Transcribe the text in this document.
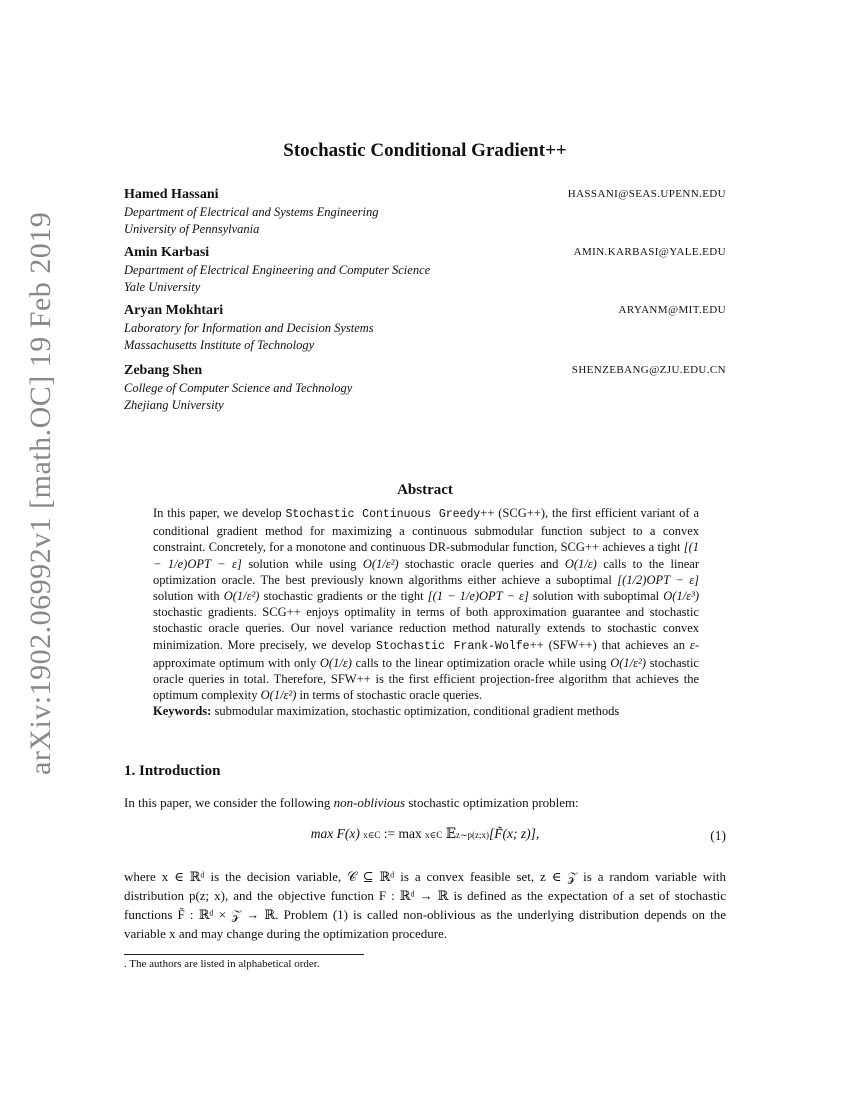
arXiv:1902.06992v1 [math.OC] 19 Feb 2019
Stochastic Conditional Gradient++
Hamed Hassani	HASSANI@SEAS.UPENN.EDU
Department of Electrical and Systems Engineering
University of Pennsylvania
Amin Karbasi	AMIN.KARBASI@YALE.EDU
Department of Electrical Engineering and Computer Science
Yale University
Aryan Mokhtari	ARYANM@MIT.EDU
Laboratory for Information and Decision Systems
Massachusetts Institute of Technology
Zebang Shen	SHENZEBANG@ZJU.EDU.CN
College of Computer Science and Technology
Zhejiang University
Abstract
In this paper, we develop Stochastic Continuous Greedy++ (SCG++), the first efficient variant of a conditional gradient method for maximizing a continuous submodular function subject to a convex constraint. Concretely, for a monotone and continuous DR-submodular function, SCG++ achieves a tight [(1 − 1/e)OPT − ε] solution while using O(1/ε²) stochastic oracle queries and O(1/ε) calls to the linear optimization oracle. The best previously known algorithms either achieve a suboptimal [(1/2)OPT − ε] solution with O(1/ε²) stochastic gradients or the tight [(1 − 1/e)OPT − ε] solution with suboptimal O(1/ε³) stochastic gradients. SCG++ enjoys optimality in terms of both approximation guarantee and stochastic stochastic oracle queries. Our novel variance reduction method naturally extends to stochastic convex minimization. More precisely, we develop Stochastic Frank-Wolfe++ (SFW++) that achieves an ε-approximate optimum with only O(1/ε) calls to the linear optimization oracle while using O(1/ε²) stochastic oracle queries in total. Therefore, SFW++ is the first efficient projection-free algorithm that achieves the optimum complexity O(1/ε²) in terms of stochastic oracle queries.
Keywords: submodular maximization, stochastic optimization, conditional gradient methods
1. Introduction
In this paper, we consider the following non-oblivious stochastic optimization problem:
max F(x) x∈C := max x∈C 𝔼z∼p(z;x)[F̃(x; z)],	(1)
where x ∈ ℝᵈ is the decision variable, 𝒞 ⊆ ℝᵈ is a convex feasible set, z ∈ 𝒵 is a random variable with distribution p(z; x), and the objective function F : ℝᵈ → ℝ is defined as the expectation of a set of stochastic functions F̃ : ℝᵈ × 𝒵 → ℝ. Problem (1) is called non-oblivious as the underlying distribution depends on the variable x and may change during the optimization procedure.
. The authors are listed in alphabetical order.
